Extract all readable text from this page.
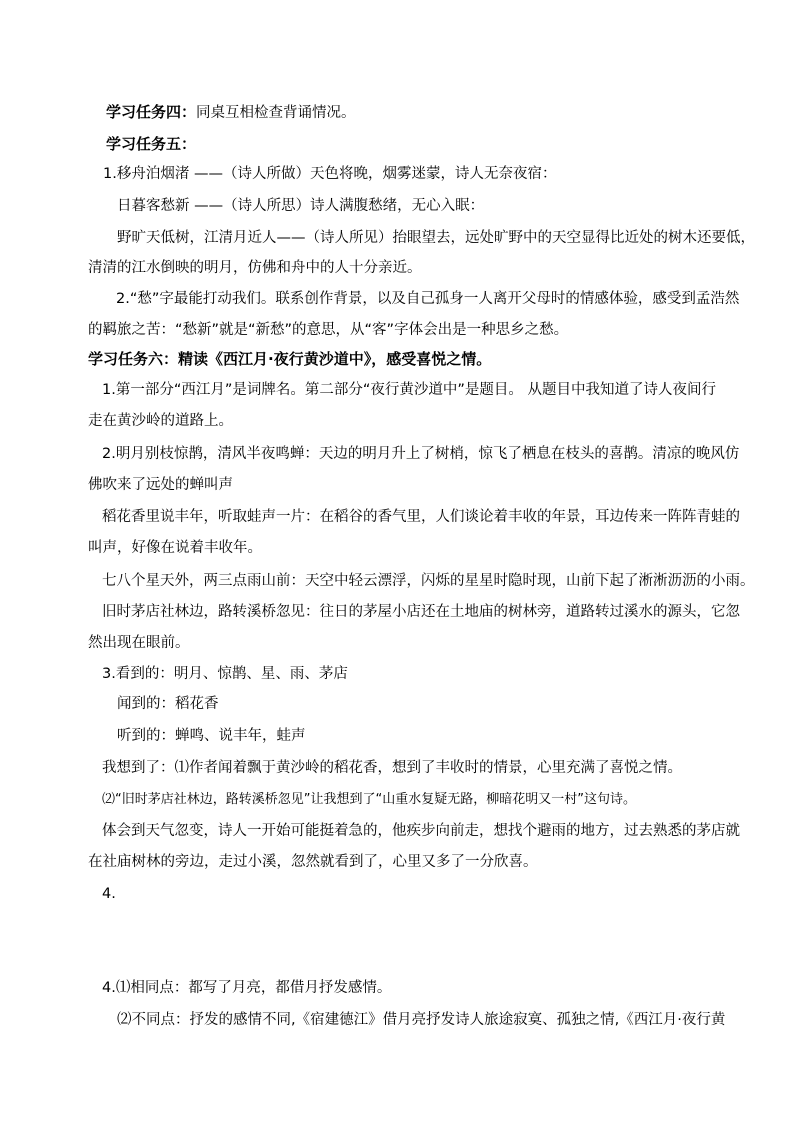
学习任务四：同桌互相检查背诵情况。
学习任务五：
1.移舟泊烟渚 ——（诗人所做）天色将晚，烟雾迷蒙，诗人无奈夜宿：
日暮客愁新 ——（诗人所思）诗人满腹愁绪，无心入眠：
野旷天低树，江清月近人——（诗人所见）抬眼望去，远处旷野中的天空显得比近处的树木还要低，
清清的江水倒映的明月，仿佛和舟中的人十分亲近。
2.“愁”字最能打动我们。联系创作背景，以及自己孤身一人离开父母时的情感体验，感受到孟浩然
的羁旅之苦：“愁新”就是“新愁”的意思，从“客”字体会出是一种思乡之愁。
学习任务六：精读《西江月·夜行黄沙道中》，感受喜悦之情。
1.第一部分“西江月”是词牌名。第二部分“夜行黄沙道中”是题目。 从题目中我知道了诗人夜间行
走在黄沙岭的道路上。
2.明月别枝惊鹊，清风半夜鸣蝉：天边的明月升上了树梢，惊飞了栖息在枝头的喜鹊。清凉的晚风仿
佛吹来了远处的蝉叫声
稻花香里说丰年，听取蛙声一片：在稻谷的香气里，人们谈论着丰收的年景，耳边传来一阵阵青蛙的
叫声，好像在说着丰收年。
七八个星天外，两三点雨山前：天空中轻云漂浮，闪烁的星星时隐时现，山前下起了淅淅沥沥的小雨。
旧时茅店社林边，路转溪桥忽见：往日的茅屋小店还在土地庙的树林旁，道路转过溪水的源头，它忽
然出现在眼前。
3.看到的：明月、惊鹊、星、雨、茅店
闻到的：稻花香
听到的：蝉鸣、说丰年，蛙声
我想到了：⑴作者闻着飘于黄沙岭的稻花香，想到了丰收时的情景，心里充满了喜悦之情。
⑵“旧时茅店社林边，路转溪桥忽见”让我想到了“山重水复疑无路，柳暗花明又一村”这句诗。
体会到天气忽变，诗人一开始可能挺着急的，他疾步向前走，想找个避雨的地方，过去熟悉的茅店就
在社庙树林的旁边，走过小溪，忽然就看到了，心里又多了一分欣喜。
4.
4.⑴相同点：都写了月亮，都借月抒发感情。
⑵不同点：抒发的感情不同,《宿建德江》借月亮抒发诗人旅途寂寞、孤独之情,《西江月·夜行黄
